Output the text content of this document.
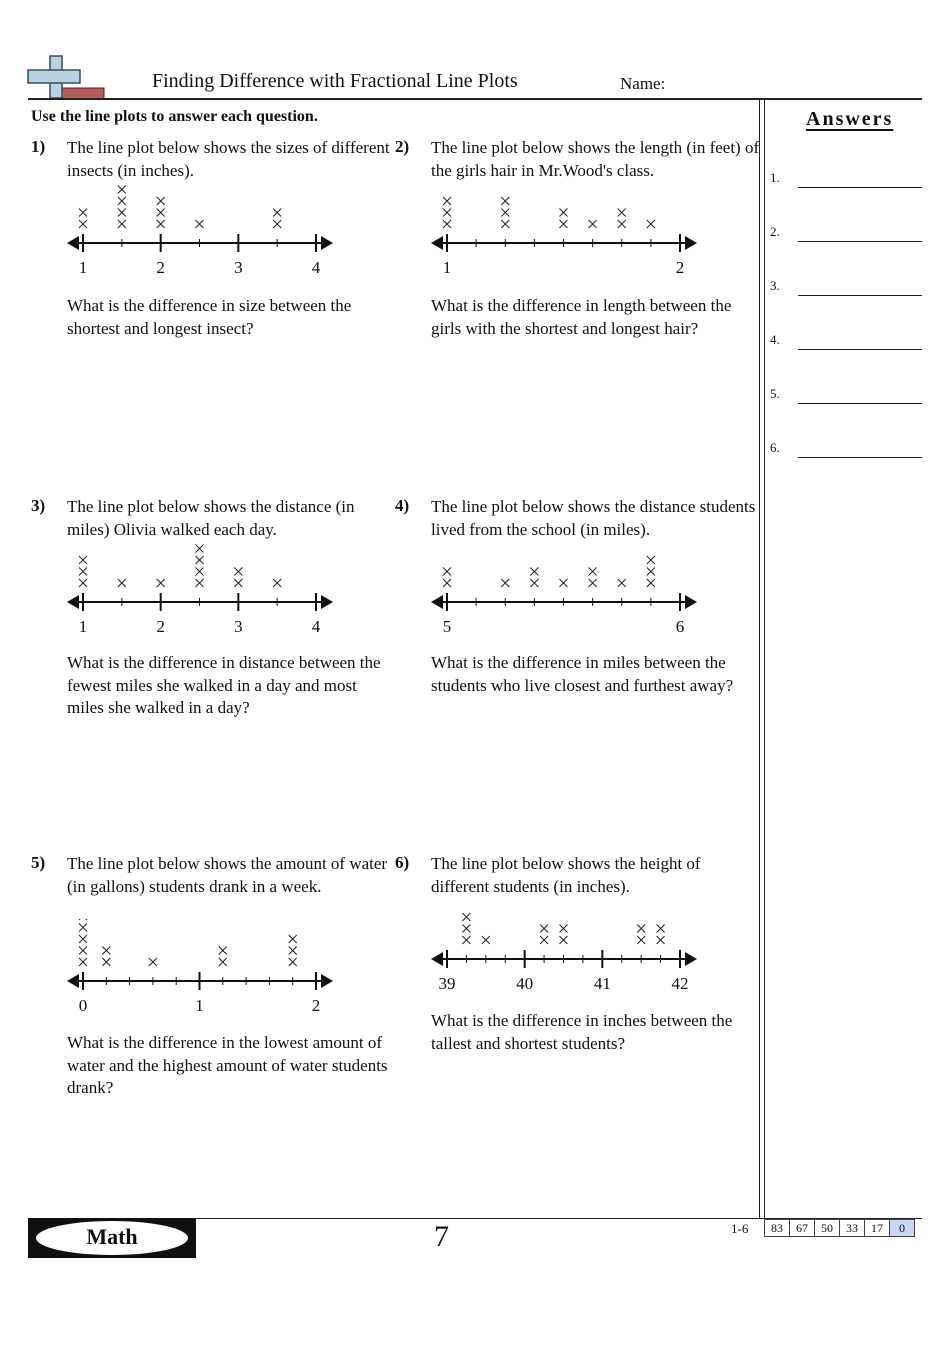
Finding Difference with Fractional Line Plots	Name:
Use the line plots to answer each question.	Answers
1.
2.
3.
4.
5.
6.
1) The line plot below shows the sizes of different insects (in inches).
1	2	3	4
What is the difference in size between the shortest and longest insect?
2) The line plot below shows the length (in feet) of the girls hair in Mr.Wood's class.
1	2
What is the difference in length between the girls with the shortest and longest hair?
3) The line plot below shows the distance (in miles) Olivia walked each day.
1	2	3	4
What is the difference in distance between the fewest miles she walked in a day and most miles she walked in a day?
4) The line plot below shows the distance students lived from the school (in miles).
5	6
What is the difference in miles between the students who live closest and furthest away?
5) The line plot below shows the amount of water (in gallons) students drank in a week.
0	1	2
What is the difference in the lowest amount of water and the highest amount of water students drank?
6) The line plot below shows the height of different students (in inches).
39	40	41	42
What is the difference in inches between the tallest and shortest students?
Math	7	1-6 83	67	50	33	17	0
